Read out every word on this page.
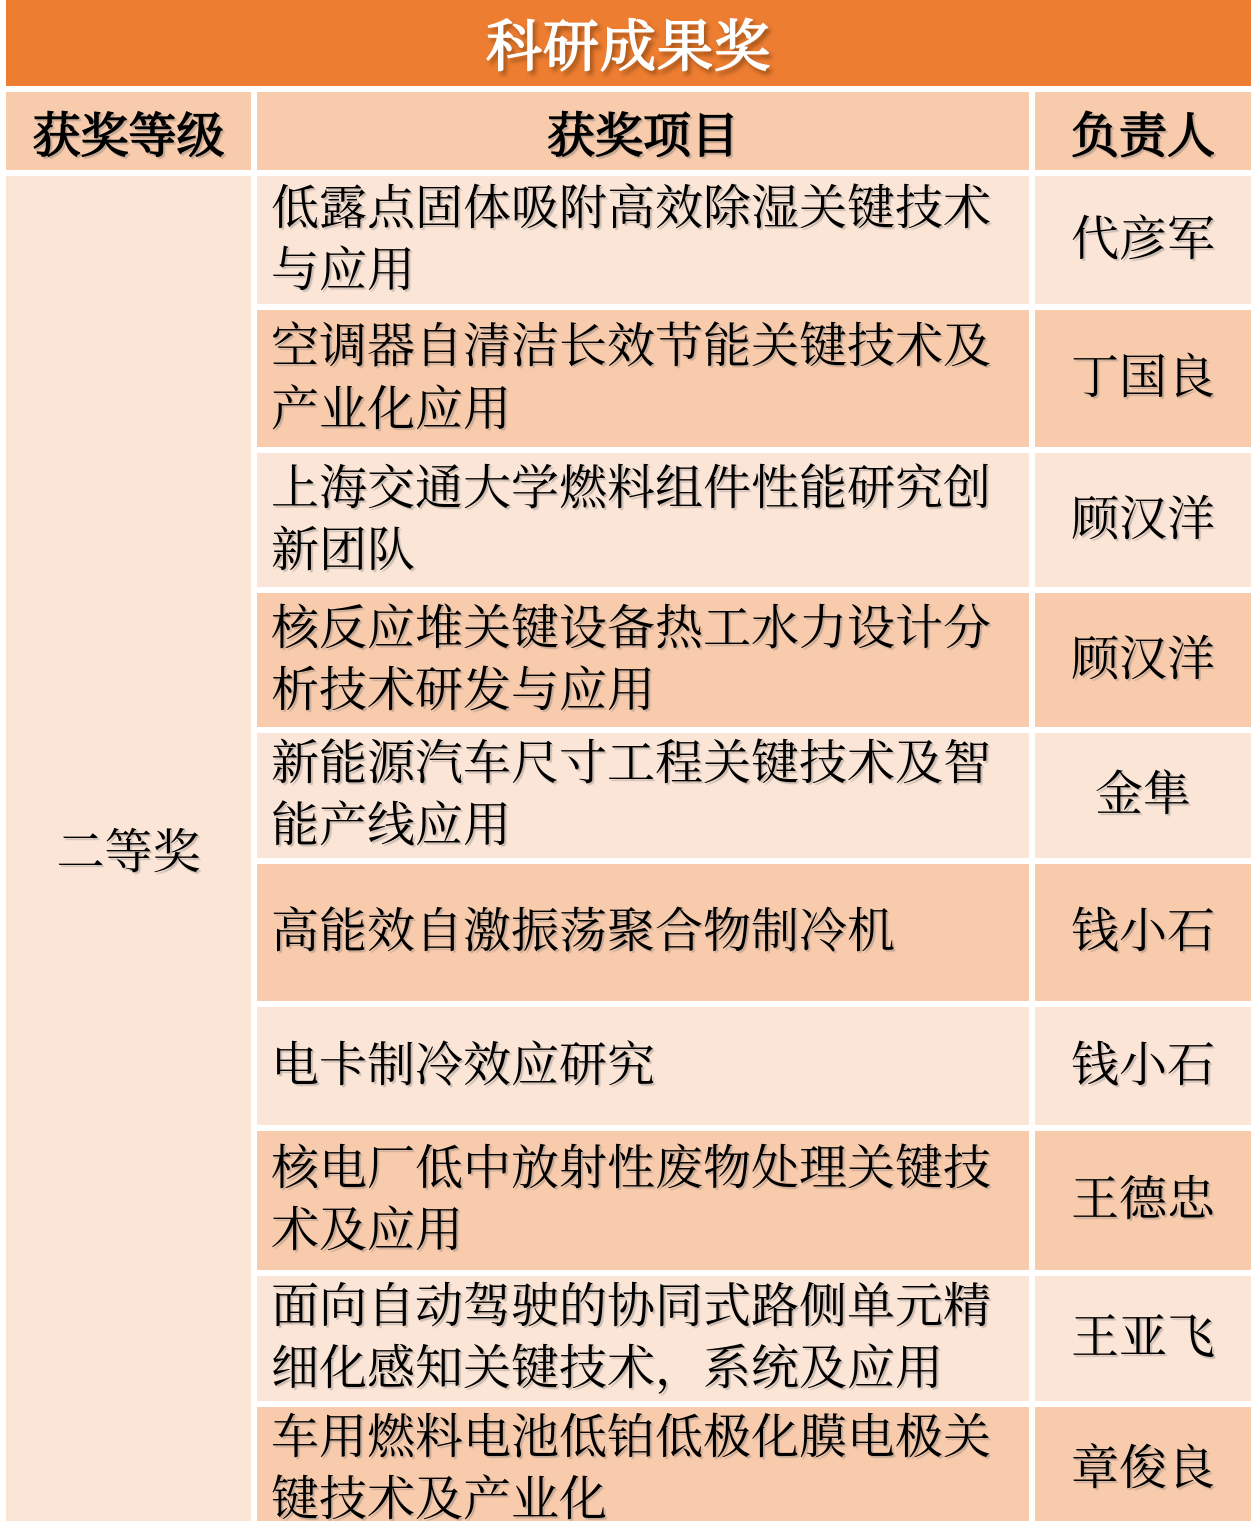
科研成果奖
获奖等级	获奖项目	负责人
二等奖	低露点固体吸附高效除湿关键技术与应用	代彦军
	空调器自清洁长效节能关键技术及产业化应用	丁国良
	上海交通大学燃料组件性能研究创新团队	顾汉洋
	核反应堆关键设备热工水力设计分析技术研发与应用	顾汉洋
	新能源汽车尺寸工程关键技术及智能产线应用	金隼
	高能效自激振荡聚合物制冷机	钱小石
	电卡制冷效应研究	钱小石
	核电厂低中放射性废物处理关键技术及应用	王德忠
	面向自动驾驶的协同式路侧单元精细化感知关键技术，系统及应用	王亚飞
	车用燃料电池低铂低极化膜电极关键技术及产业化	章俊良
